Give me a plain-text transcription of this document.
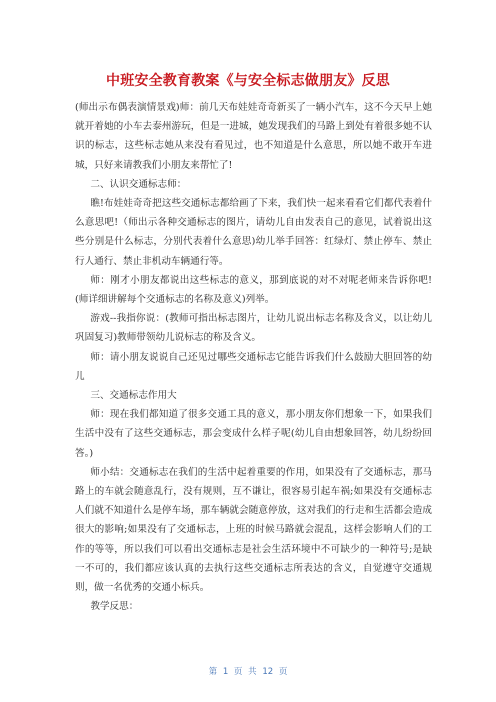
中班安全教育教案《与安全标志做朋友》反思

(师出示布偶表演情景戏)师：前几天布娃娃奇奇新买了一辆小汽车，这不今天早上她就开着她的小车去泰州游玩，但是一进城，她发现我们的马路上到处有着很多她不认识的标志，这些标志她从来没有看见过，也不知道是什么意思，所以她不敢开车进城，只好来请教我们小朋友来帮忙了!

二、认识交通标志师：

瞧!布娃娃奇奇把这些交通标志都给画了下来，我们快一起来看看它们都代表着什么意思吧!（师出示各种交通标志的图片，请幼儿自由发表自己的意见，试着说出这些分别是什么标志，分别代表着什么意思)幼儿举手回答：红绿灯、禁止停车、禁止行人通行、禁止非机动车辆通行等。

师：刚才小朋友都说出这些标志的意义，那到底说的对不对呢老师来告诉你吧!(师详细讲解每个交通标志的名称及意义)列举。

游戏--我指你说：(教师可指出标志图片，让幼儿说出标志名称及含义，以让幼儿巩固复习)教师带领幼儿说标志的称及含义。

师：请小朋友说说自己还见过哪些交通标志它能告诉我们什么鼓励大胆回答的幼儿

三、交通标志作用大

师：现在我们都知道了很多交通工具的意义，那小朋友你们想象一下，如果我们生活中没有了这些交通标志，那会变成什么样子呢(幼儿自由想象回答，幼儿纷纷回答。)

师小结：交通标志在我们的生活中起着重要的作用，如果没有了交通标志，那马路上的车就会随意乱行，没有规则，互不谦让，很容易引起车祸;如果没有交通标志人们就不知道什么是停车场，那车辆就会随意停放，这对我们的行走和生活都会造成很大的影响;如果没有了交通标志，上班的时候马路就会混乱，这样会影响人们的工作的等等，所以我们可以看出交通标志是社会生活环境中不可缺少的一种符号;是缺一不可的，我们都应该认真的去执行这些交通标志所表达的含义，自觉遵守交通规则，做一名优秀的交通小标兵。

教学反思：

第 1 页 共 12 页
